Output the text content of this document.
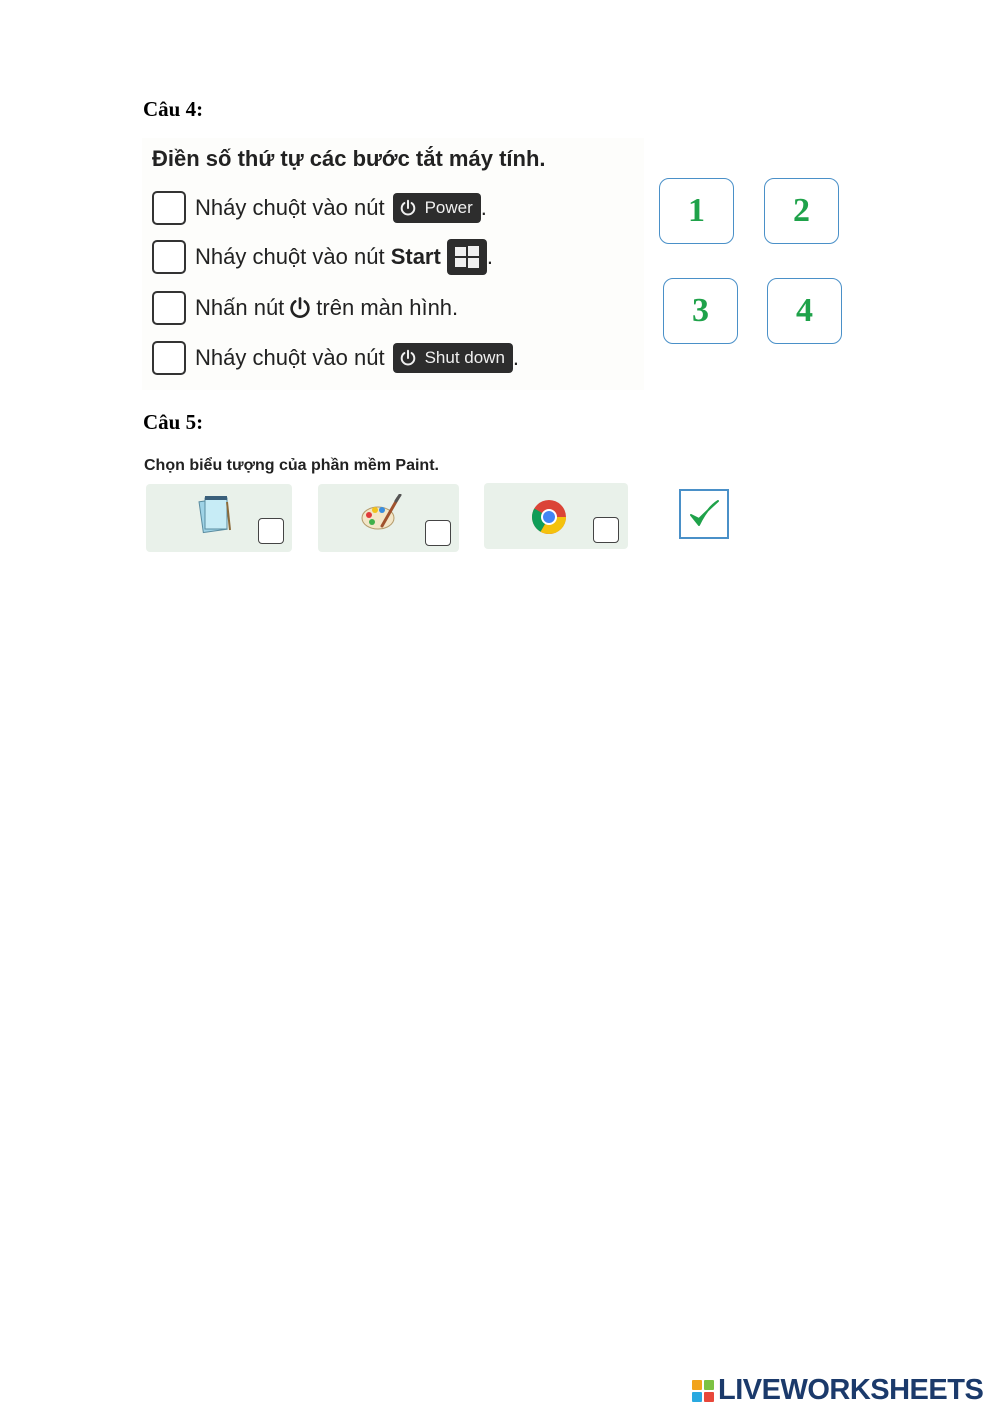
Câu 4:
Điền số thứ tự các bước tắt máy tính.
Nháy chuột vào nút Power .
Nháy chuột vào nút Start .
Nhấn nút trên màn hình.
Nháy chuột vào nút Shut down .
1	2
3	4
Câu 5:
Chọn biểu tượng của phần mềm Paint.
LIVEWORKSHEETS
